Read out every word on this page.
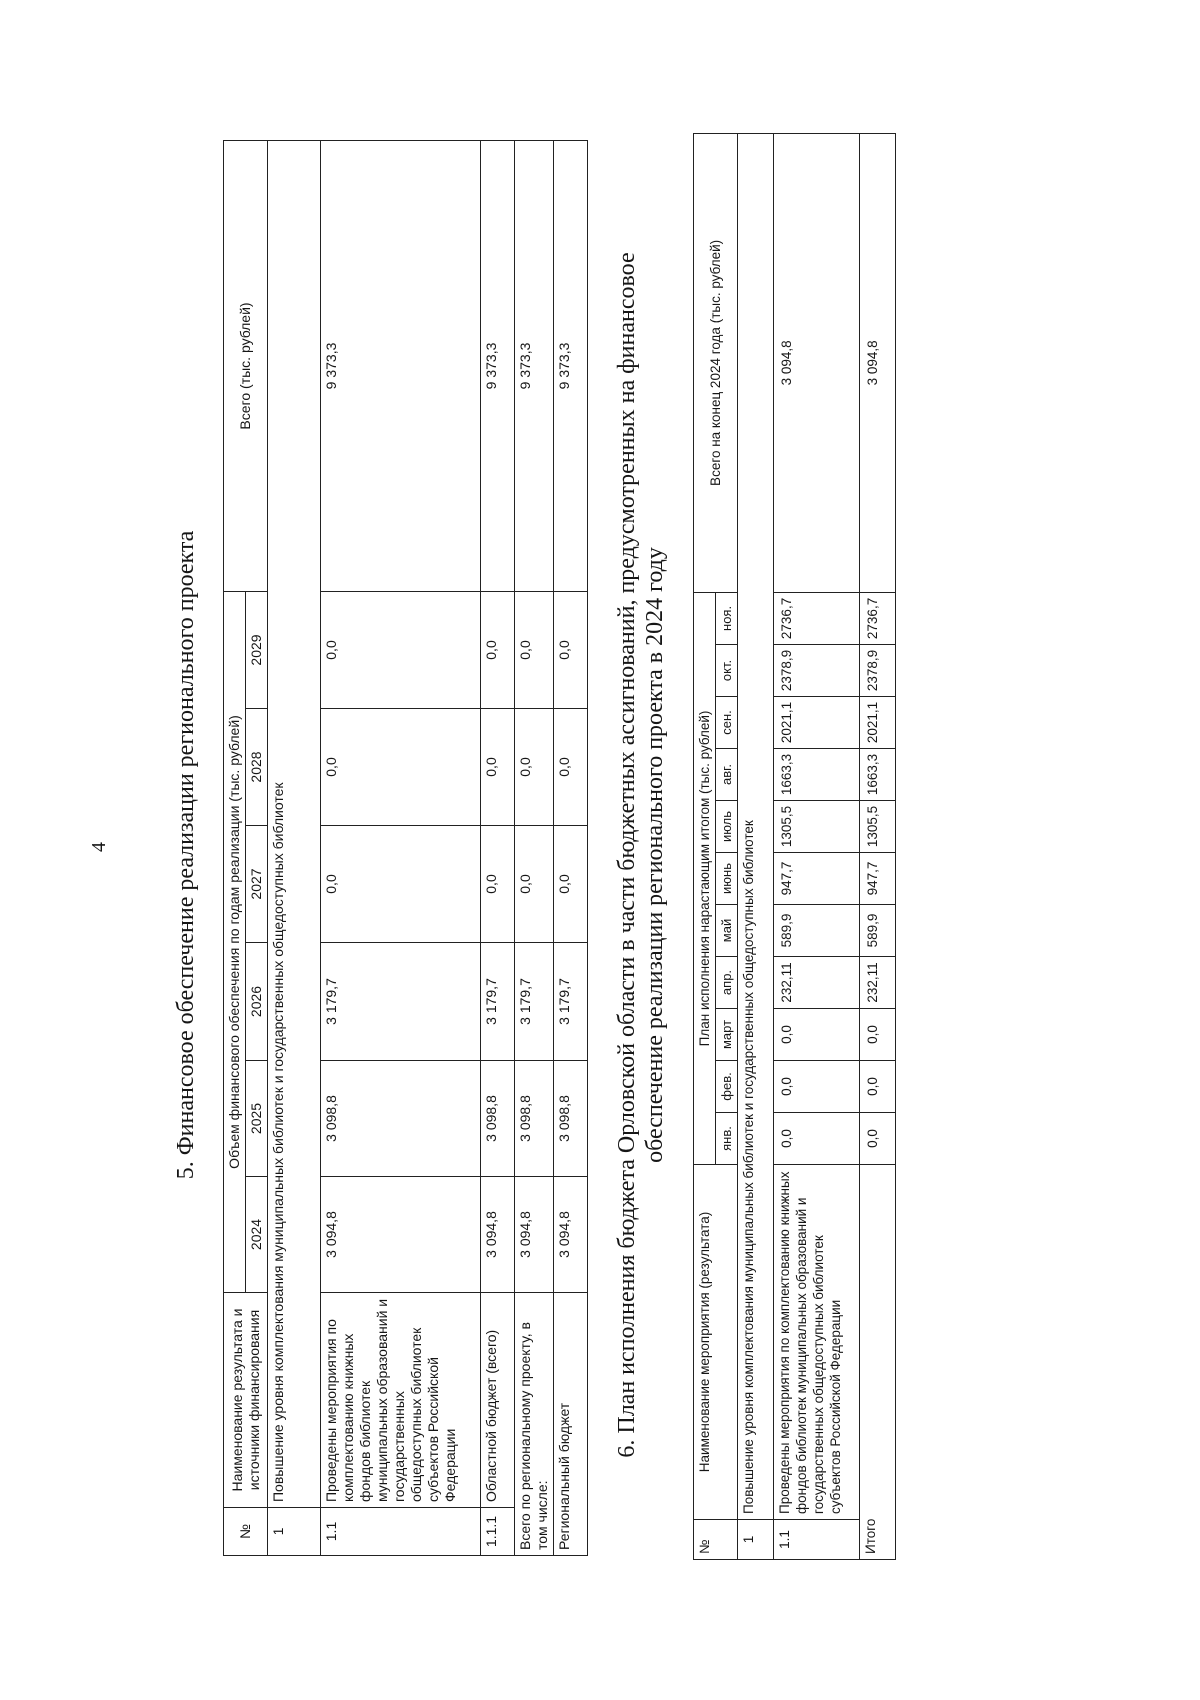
4	5. Финансовое обеспечение реализации регионального проекта
№	Наименование результата и источники финансирования	Объем финансового обеспечения по годам реализации (тыс. рублей)						Всего (тыс. рублей)
		2024	2025	2026	2027	2028	2029	
1	Повышение уровня комплектования муниципальных библиотек и государственных общедоступных библиотек							
1.1	Проведены мероприятия по комплектованию книжных фондов библиотек муниципальных образований и государственных общедоступных библиотек субъектов Российской Федерации	3 094,8	3 098,8	3 179,7	0,0	0,0	0,0	9 373,3
1.1.1	Областной бюджет (всего)	3 094,8	3 098,8	3 179,7	0,0	0,0	0,0	9 373,3
Всего по региональному проекту, в том числе:		3 094,8	3 098,8	3 179,7	0,0	0,0	0,0	9 373,3
Региональный бюджет		3 094,8	3 098,8	3 179,7	0,0	0,0	0,0	9 373,3 6. План исполнения бюджета Орловской области в части бюджетных ассигнований, предусмотренных на финансовое обеспечение реализации регионального проекта в 2024 году
№	Наименование мероприятия (результата)	План исполнения нарастающим итогом (тыс. рублей)											Всего на конец 2024 года (тыс. рублей)
		янв.	фев.	март	апр.	май	июнь	июль	авг.	сен.	окт.	ноя.	
1	Повышение уровня комплектования муниципальных библиотек и государственных общедоступных библиотек												
1.1	Проведены мероприятия по комплектованию книжных фондов библиотек муниципальных образований и государственных общедоступных библиотек субъектов Российской Федерации	0,0	0,0	0,0	232,11	589,9	947,7	1305,5	1663,3	2021,1	2378,9	2736,7	3 094,8
Итого		0,0	0,0	0,0	232,11	589,9	947,7	1305,5	1663,3	2021,1	2378,9	2736,7	3 094,8
